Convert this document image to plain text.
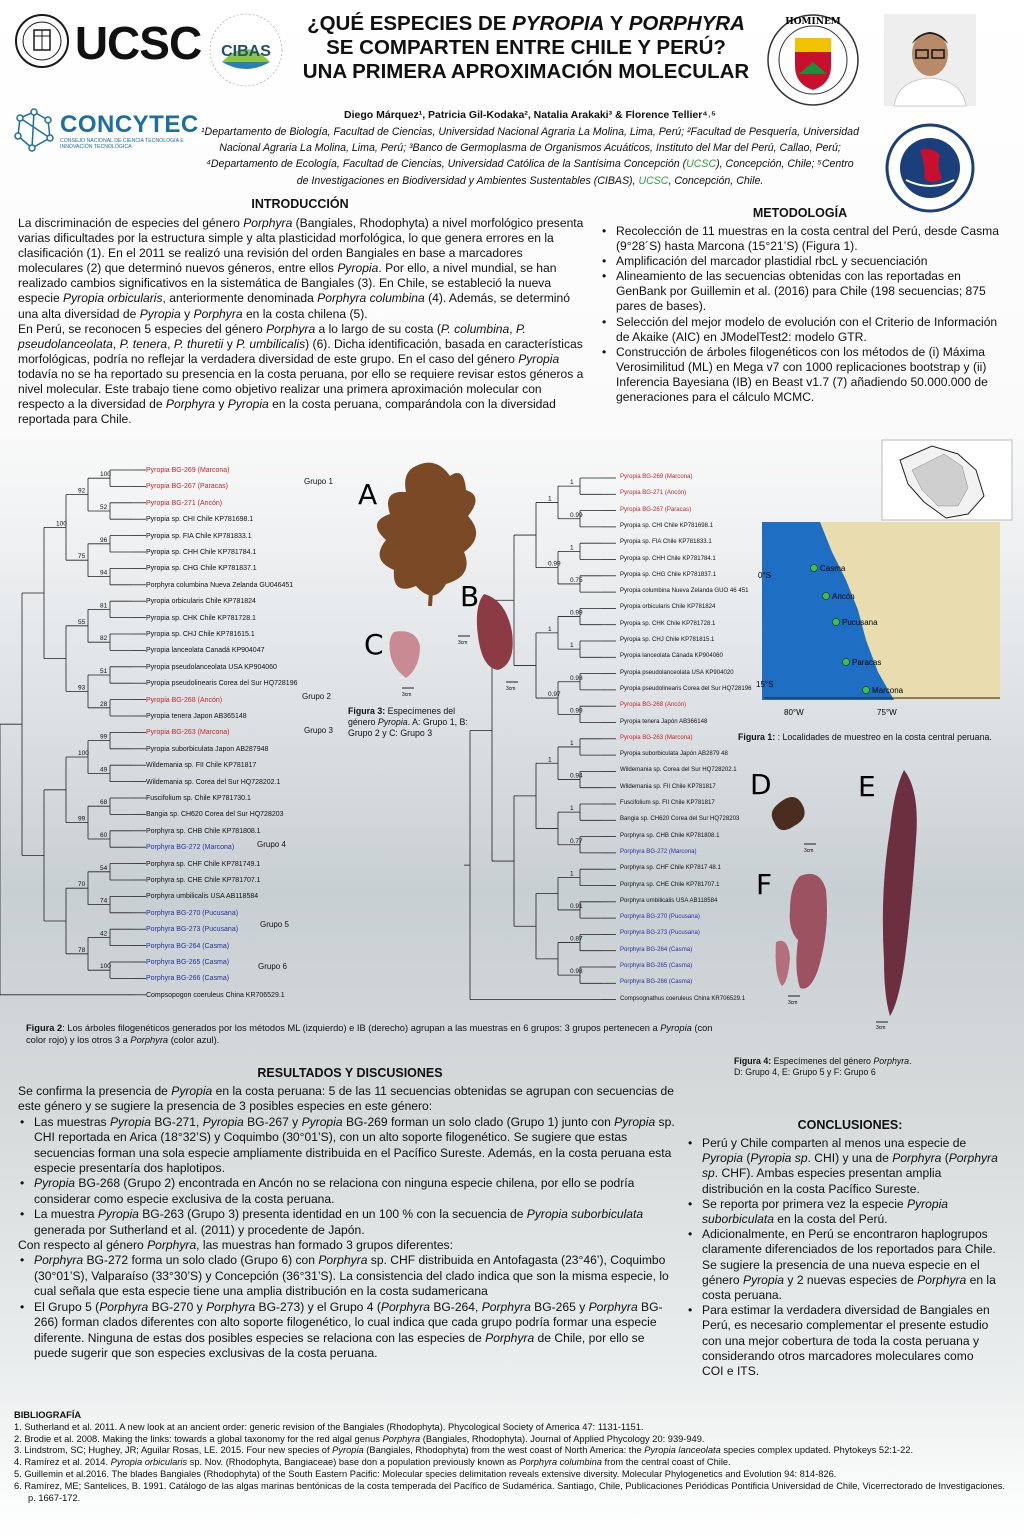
UCSC CIBAS
CONCYTEC
CONSEJO NACIONAL DE CIENCIA TECNOLOGÍA E INNOVACIÓN TECNOLÓGICA
¿QUÉ ESPECIES DE PYROPIA Y PORPHYRA
SE COMPARTEN ENTRE CHILE Y PERÚ?
UNA PRIMERA APROXIMACIÓN MOLECULAR
HOMINEM
Diego Márquez¹, Patricia Gil-Kodaka², Natalia Arakaki³ & Florence Tellier⁴˒⁵
¹Departamento de Biología, Facultad de Ciencias, Universidad Nacional Agraria La Molina, Lima, Perú; ²Facultad de Pesquería, Universidad Nacional Agraria La Molina, Lima, Perú; ³Banco de Germoplasma de Organismos Acuáticos, Instituto del Mar del Perú, Callao, Perú; ⁴Departamento de Ecología, Facultad de Ciencias, Universidad Católica de la Santísima Concepción (UCSC), Concepción, Chile; ⁵Centro de Investigaciones en Biodiversidad y Ambientes Sustentables (CIBAS), UCSC, Concepción, Chile.
INTRODUCCIÓN
La discriminación de especies del género Porphyra (Bangiales, Rhodophyta) a nivel morfológico presenta varias dificultades por la estructura simple y alta plasticidad morfológica, lo que genera errores en la clasificación (1). En el 2011 se realizó una revisión del orden Bangiales en base a marcadores moleculares (2) que determinó nuevos géneros, entre ellos Pyropia. Por ello, a nivel mundial, se han realizado cambios significativos en la sistemática de Bangiales (3). En Chile, se estableció la nueva especie Pyropia orbicularis, anteriormente denominada Porphyra columbina (4). Además, se determinó una alta diversidad de Pyropia y Porphyra en la costa chilena (5).
En Perú, se reconocen 5 especies del género Porphyra a lo largo de su costa (P. columbina, P. pseudolanceolata, P. tenera, P. thuretii y P. umbilicalis) (6). Dicha identificación, basada en características morfológicas, podría no reflejar la verdadera diversidad de este grupo. En el caso del género Pyropia todavía no se ha reportado su presencia en la costa peruana, por ello se requiere revisar estos géneros a nivel molecular. Este trabajo tiene como objetivo realizar una primera aproximación molecular con respecto a la diversidad de Porphyra y Pyropia en la costa peruana, comparándola con la diversidad reportada para Chile.
METODOLOGÍA
• Recolección de 11 muestras en la costa central del Perú, desde Casma (9°28´S) hasta Marcona (15°21’S) (Figura 1).
• Amplificación del marcador plastidial rbcL y secuenciación
• Alineamiento de las secuencias obtenidas con las reportadas en GenBank por Guillemin et al. (2016) para Chile (198 secuencias; 875 pares de bases).
• Selección del mejor modelo de evolución con el Criterio de Información de Akaike (AIC) en JModelTest2: modelo GTR.
• Construcción de árboles filogenéticos con los métodos de (i) Máxima Verosimilitud (ML) en Mega v7 con 1000 replicaciones bootstrap y (ii) Inferencia Bayesiana (IB) en Beast v1.7 (7) añadiendo 50.000.000 de generaciones para el cálculo MCMC.
0°S
15°S
80°W	75°W
Casma
Ancón
Pucusana
Paracas
Marcona
Figura 1: : Localidades de muestreo en la costa central peruana.
100
52
96
94
81
82
51
28
99
49
68
60
54
74
42
100
92
75
55
93
100
99
70
78
100
Pyropia BG-269 (Marcona)
Pyropia BG-267 (Paracas)
Pyropia BG-271 (Ancón)
Pyropia sp. CHI Chile KP781698.1
Pyropia sp. FIA Chile KP781833.1
Pyropia sp. CHH Chile KP781784.1
Pyropia sp. CHG Chile KP781837.1
Porphyra columbina Nueva Zelanda GU046451
Pyropia orbicularis Chile KP781824
Pyropia sp. CHK Chile KP781728.1
Pyropia sp. CHJ Chile KP781615.1
Pyropia lanceolata Canadá KP904047
Pyropia pseudolanceolata USA KP904060
Pyropia pseudolinearis Corea del Sur HQ728196
Pyropia BG-268 (Ancón)
Pyropia tenera Japon AB365148
Pyropia BG-263 (Marcona)
Pyropia suborbiculata Japon AB287948
Wildemania sp. FII Chile KP781817
Wildemania sp. Corea del Sur HQ728202.1
Fuscifolium sp. Chile KP781730.1
Bangia sp. CH620 Corea del Sur HQ728203
Porphyra sp. CHB Chile KP781808.1
Porphyra BG-272 (Marcona)
Porphyra sp. CHF Chile KP781749.1
Porphyra sp. CHE Chile KP781707.1
Porphyra umbilicalis USA AB118584
Porphyra BG-270 (Pucusana)
Porphyra BG-273 (Pucusana)
Porphyra BG-264 (Casma)
Porphyra BG-265 (Casma)
Porphyra BG-266 (Casma)
Compsopogon coeruleus China KR706529.1
Grupo 1
Grupo 2
Grupo 3
Grupo 4
Grupo 5
Grupo 6
1
0.99
1
0.75
0.99
1
0.98
0.99
1
0.94
1
0.77
1
0.91
0.87
0.98
1
0.99
1
0.97
1
Pyropia BG-269 (Marcona)
Pyropia BG-271 (Ancón)
Pyropia BG-267 (Paracas)
Pyropia sp. CHI Chile KP781698.1
Pyropia sp. FIA Chile KP781833.1
Pyropia sp. CHH Chile KP781784.1
Pyropia sp. CHG Chile KP781837.1
Pyropia columbina Nueva Zelanda GUO 46 451
Pyropia orbicularis Chile KP781824
Pyropia sp. CHK Chile KP781728.1
Pyropia sp. CHJ Chile KP781815.1
Pyropia lanceolata Cánada KP904060
Pyropia pseudolanceolata USA KP904020
Pyropia pseudolinearis Corea del Sur HQ728196
Pyropia BG-268 (Ancón)
Pyropia tenera Japón AB366148
Pyropia BG-263 (Marcona)
Pyropia suborbiculata Japón AB2879 48
Wildemania sp. Corea del Sur HQ728202.1
Wildemania sp. FII Chile KP781817
Fuscifolium sp. FII Chile KP781817
Bangia sp. CH620 Corea del Sur HQ728203
Porphyra sp. CHB Chile KP781808.1
Porphyra BG-272 (Marcona)
Porphyra sp. CHF Chile KP7817 48.1
Porphyra sp. CHE Chile KP781707.1
Porphyra umbilicalis USA AB118584
Porphyra BG-270 (Pucusana)
Porphyra BG-273 (Pucusana)
Porphyra BG-264 (Casma)
Porphyra BG-265 (Casma)
Porphyra BG-266 (Casma)
Compsognathus coeruleus China KR706529.1
A
B
C	3cm
3cm
3cm
Figura 3: Especímenes del género Pyropia. A: Grupo 1, B: Grupo 2 y C: Grupo 3
D	E
F
3cm
3cm
3cm
Figura 4: Especímenes del género Porphyra.
D: Grupo 4, E: Grupo 5 y F: Grupo 6
Figura 2: Los árboles filogenéticos generados por los métodos ML (izquierdo) e IB (derecho) agrupan a las muestras en 6 grupos: 3 grupos pertenecen a Pyropia (con color rojo) y los otros 3 a Porphyra (color azul).
RESULTADOS Y DISCUSIONES
Se confirma la presencia de Pyropia en la costa peruana: 5 de las 11 secuencias obtenidas se agrupan con secuencias de este género y se sugiere la presencia de 3 posibles especies en este género:
• Las muestras Pyropia BG-271, Pyropia BG-267 y Pyropia BG-269 forman un solo clado (Grupo 1) junto con Pyropia sp. CHI reportada en Arica (18°32’S) y Coquimbo (30°01’S), con un alto soporte filogenético. Se sugiere que estas secuencias forman una sola especie ampliamente distribuida en el Pacífico Sureste. Además, en la costa peruana esta especie presentaría dos haplotipos.
• Pyropia BG-268 (Grupo 2) encontrada en Ancón no se relaciona con ninguna especie chilena, por ello se podría considerar como especie exclusiva de la costa peruana.
• La muestra Pyropia BG-263 (Grupo 3) presenta identidad en un 100 % con la secuencia de Pyropia suborbiculata generada por Sutherland et al. (2011) y procedente de Japón.
Con respecto al género Porphyra, las muestras han formado 3 grupos diferentes:
• Porphyra BG-272 forma un solo clado (Grupo 6) con Porphyra sp. CHF distribuida en Antofagasta (23°46’), Coquimbo (30°01’S), Valparaíso (33°30’S) y Concepción (36°31’S). La consistencia del clado indica que son la misma especie, lo cual señala que esta especie tiene una amplia distribución en la costa sudamericana
• El Grupo 5 (Porphyra BG-270 y Porphyra BG-273) y el Grupo 4 (Porphyra BG-264, Porphyra BG-265 y Porphyra BG-266) forman clados diferentes con alto soporte filogenético, lo cual indica que cada grupo podría formar una especie diferente. Ninguna de estas dos posibles especies se relaciona con las especies de Porphyra de Chile, por ello se puede sugerir que son especies exclusivas de la costa peruana.
CONCLUSIONES:
• Perú y Chile comparten al menos una especie de Pyropia (Pyropia sp. CHI) y una de Porphyra (Porphyra sp. CHF). Ambas especies presentan amplia distribución en la costa Pacífico Sureste.
• Se reporta por primera vez la especie Pyropia suborbiculata en la costa del Perú.
• Adicionalmente, en Perú se encontraron haplogrupos claramente diferenciados de los reportados para Chile. Se sugiere la presencia de una nueva especie en el género Pyropia y 2 nuevas especies de Porphyra en la costa peruana.
• Para estimar la verdadera diversidad de Bangiales en Perú, es necesario complementar el presente estudio con una mejor cobertura de toda la costa peruana y considerando otros marcadores moleculares como COI e ITS.
BIBLIOGRAFÍA
1. Sutherland et al. 2011. A new look at an ancient order: generic revision of the Bangiales (Rhodophyta). Phycological Society of America 47: 1131-1151.
2. Brodie et al. 2008. Making the links: towards a global taxonomy for the red algal genus Porphyra (Bangiales, Rhodophyta). Journal of Applied Phycology 20: 939-949.
3. Lindstrom, SC; Hughey, JR; Aguilar Rosas, LE. 2015. Four new species of Pyropia (Bangiales, Rhodophyta) from the west coast of North America: the Pyropia lanceolata species complex updated. Phytokeys 52:1-22.
4. Ramírez et al. 2014. Pyropia orbicularis sp. Nov. (Rhodophyta, Bangiaceae) base don a population previously known as Porphyra columbina from the central coast of Chile.
5. Guillemin et al.2016. The blades Bangiales (Rhodophyta) of the South Eastern Pacific: Molecular species delimitation reveals extensive diversity. Molecular Phylogenetics and Evolution 94: 814-826.
6. Ramírez, ME; Santelices, B. 1991. Catálogo de las algas marinas bentónicas de la costa temperada del Pacífico de Sudamérica. Santiago, Chile, Publicaciones Periódicas Pontificia Universidad de Chile, Vicerrectorado de Investigaciones. p. 1667-172.
